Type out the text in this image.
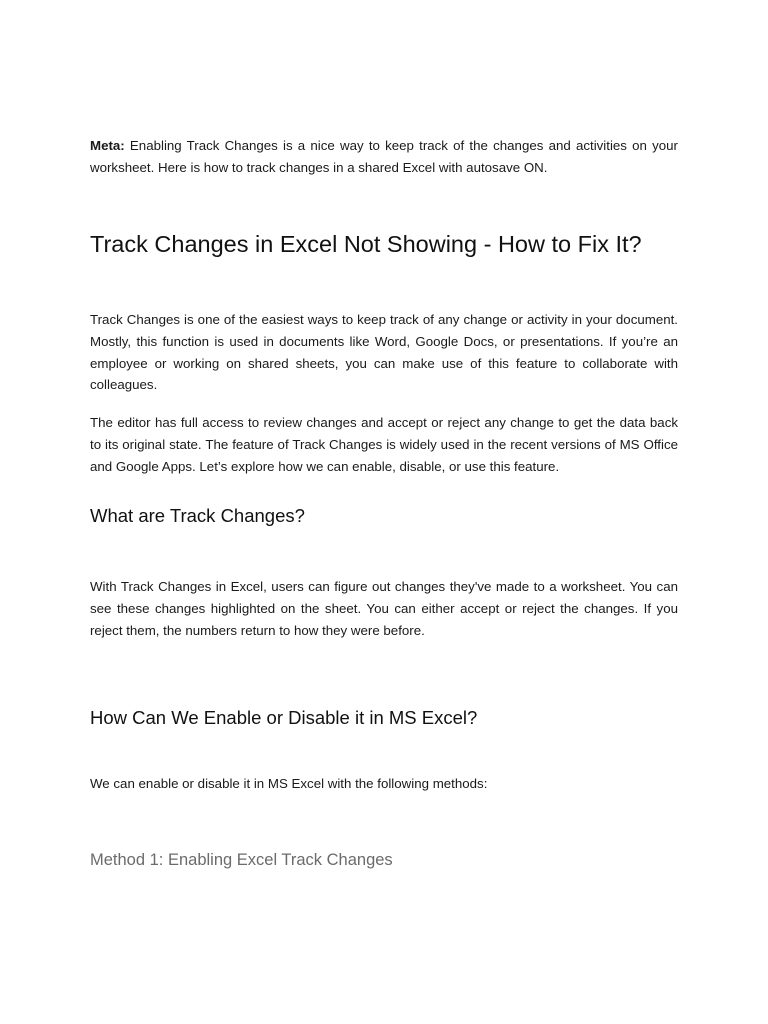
Meta: Enabling Track Changes is a nice way to keep track of the changes and activities on your worksheet. Here is how to track changes in a shared Excel with autosave ON.

Track Changes in Excel Not Showing - How to Fix It?

Track Changes is one of the easiest ways to keep track of any change or activity in your document. Mostly, this function is used in documents like Word, Google Docs, or presentations. If you’re an employee or working on shared sheets, you can make use of this feature to collaborate with colleagues.

The editor has full access to review changes and accept or reject any change to get the data back to its original state. The feature of Track Changes is widely used in the recent versions of MS Office and Google Apps. Let’s explore how we can enable, disable, or use this feature.

What are Track Changes?

With Track Changes in Excel, users can figure out changes they've made to a worksheet. You can see these changes highlighted on the sheet. You can either accept or reject the changes. If you reject them, the numbers return to how they were before.

How Can We Enable or Disable it in MS Excel?

We can enable or disable it in MS Excel with the following methods:

Method 1: Enabling Excel Track Changes
